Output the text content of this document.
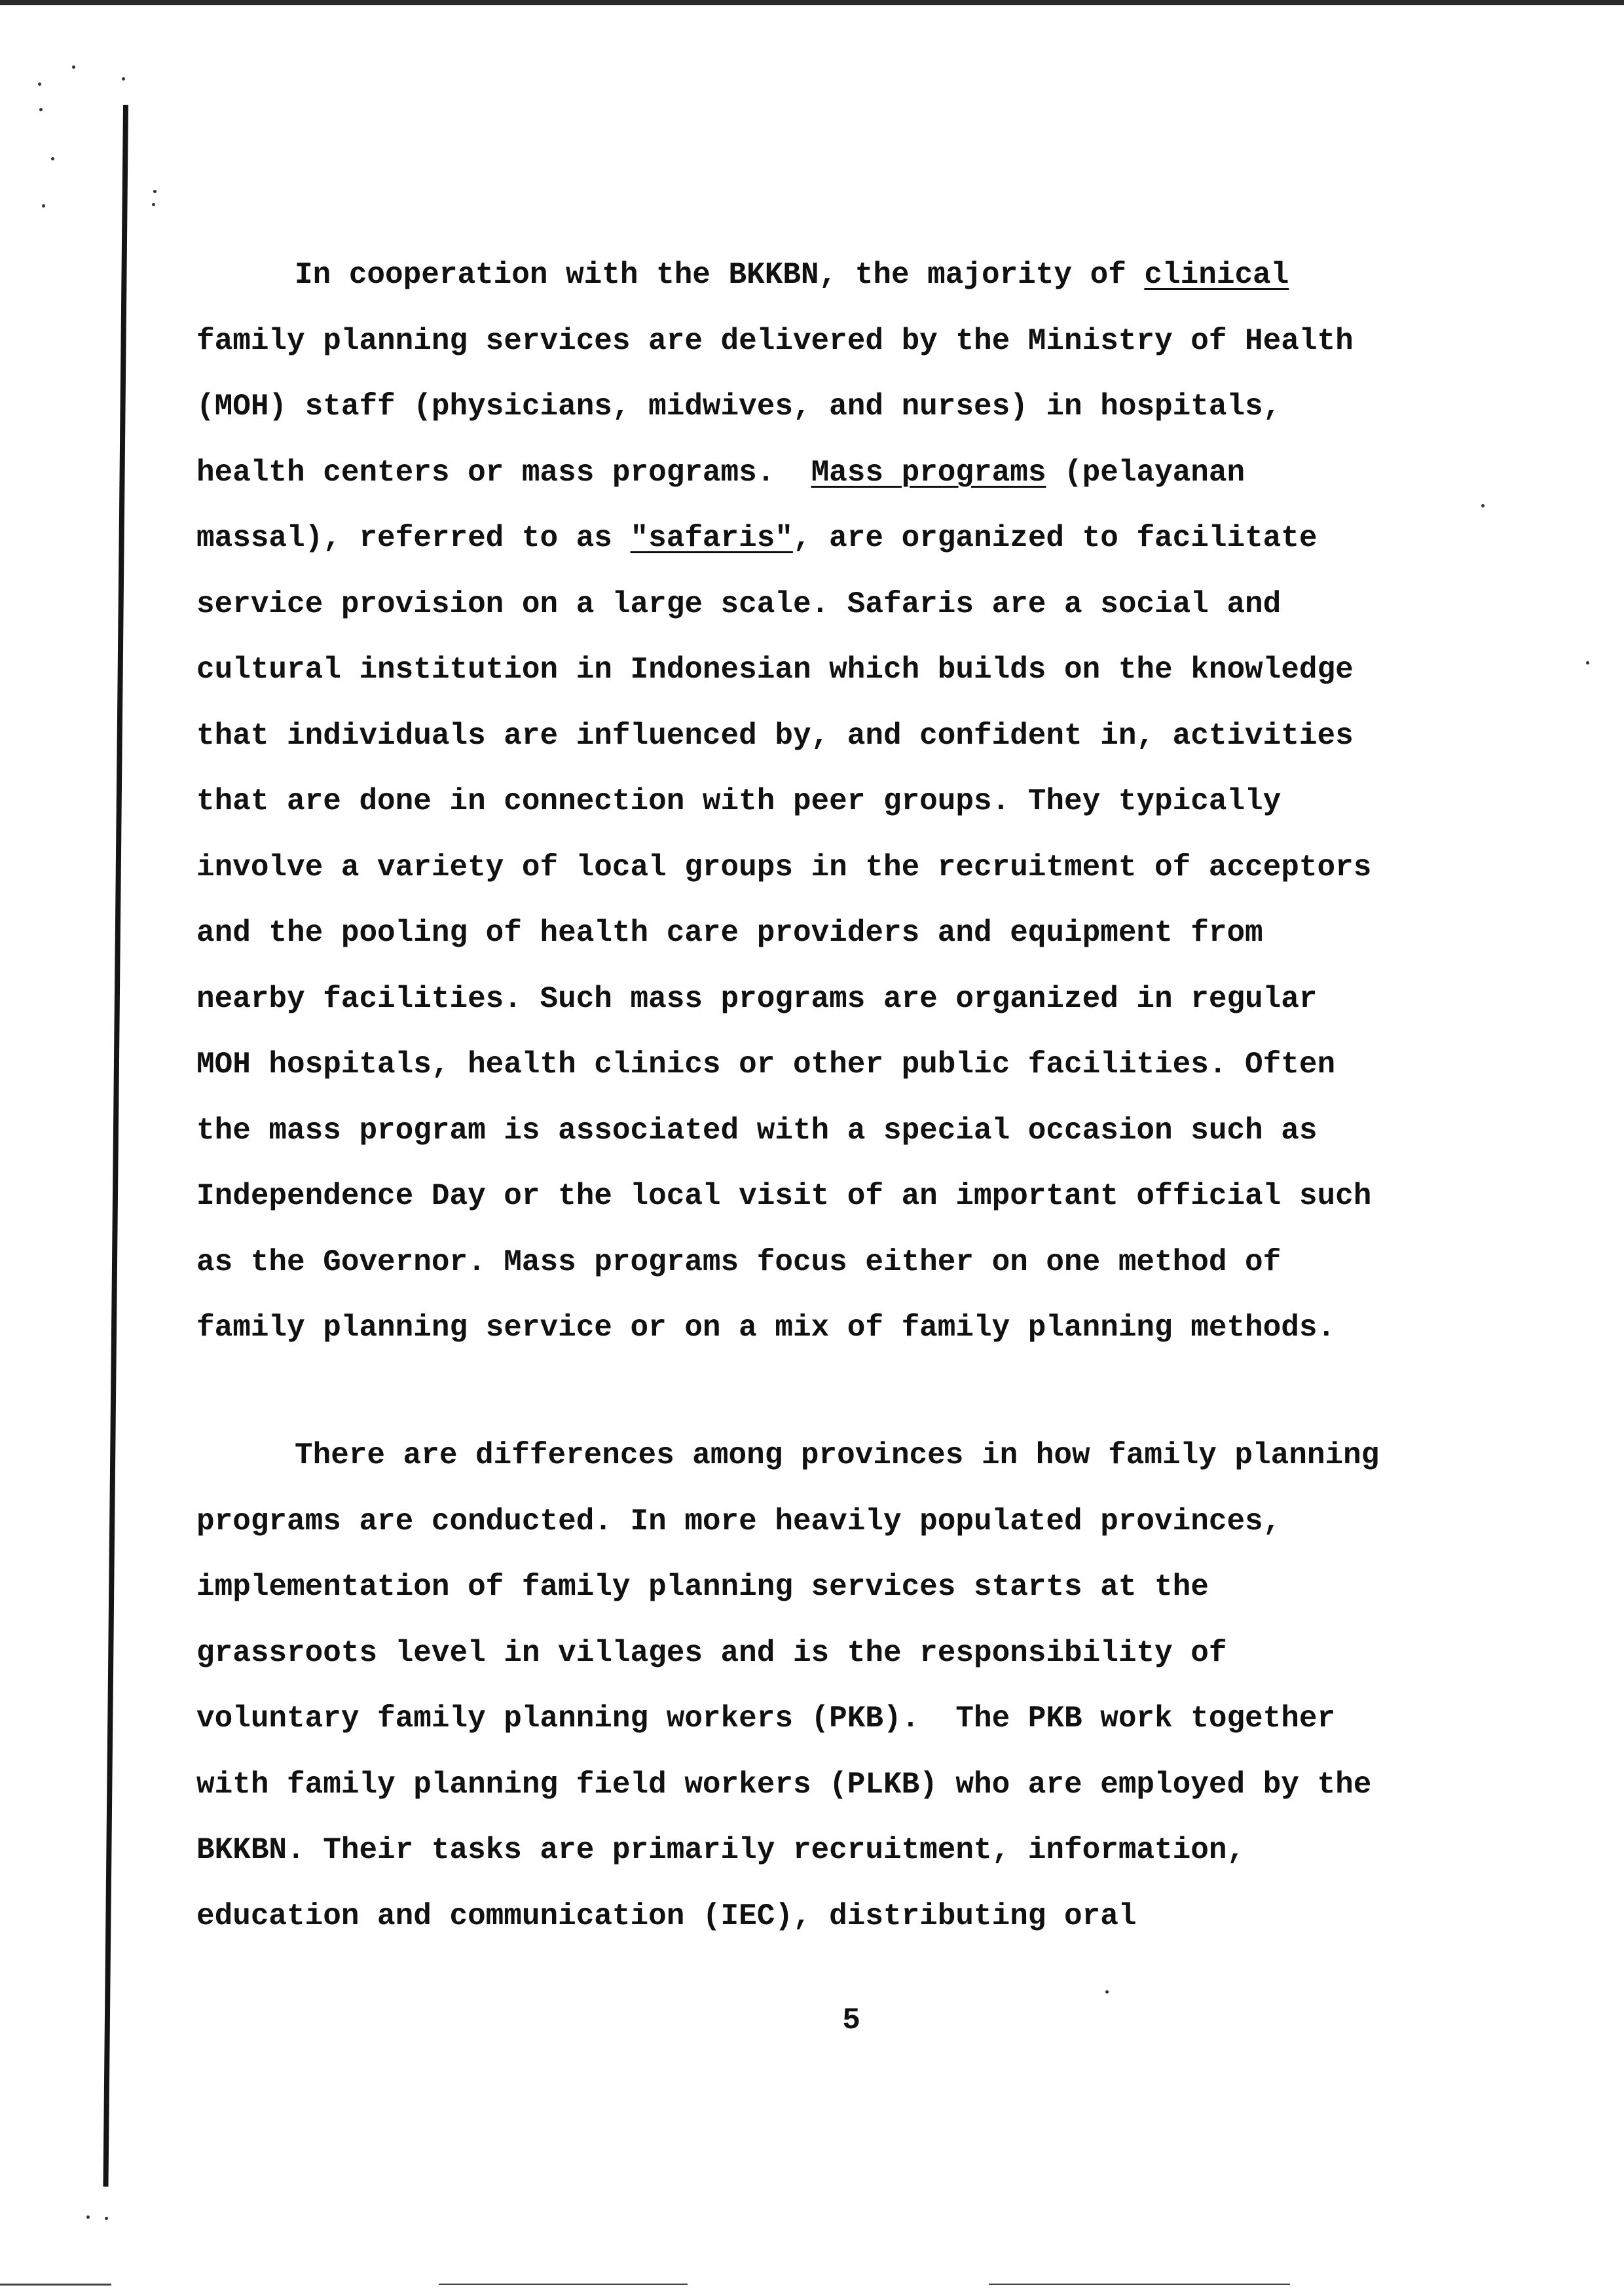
In cooperation with the BKKBN, the majority of clinical
family planning services are delivered by the Ministry of Health
(MOH) staff (physicians, midwives, and nurses) in hospitals,
health centers or mass programs.  Mass programs (pelayanan
massal), referred to as "safaris", are organized to facilitate
service provision on a large scale. Safaris are a social and
cultural institution in Indonesian which builds on the knowledge
that individuals are influenced by, and confident in, activities
that are done in connection with peer groups. They typically
involve a variety of local groups in the recruitment of acceptors
and the pooling of health care providers and equipment from
nearby facilities. Such mass programs are organized in regular
MOH hospitals, health clinics or other public facilities. Often
the mass program is associated with a special occasion such as
Independence Day or the local visit of an important official such
as the Governor. Mass programs focus either on one method of
family planning service or on a mix of family planning methods.
There are differences among provinces in how family planning
programs are conducted. In more heavily populated provinces,
implementation of family planning services starts at the
grassroots level in villages and is the responsibility of
voluntary family planning workers (PKB).  The PKB work together
with family planning field workers (PLKB) who are employed by the
BKKBN. Their tasks are primarily recruitment, information,
education and communication (IEC), distributing oral
5
